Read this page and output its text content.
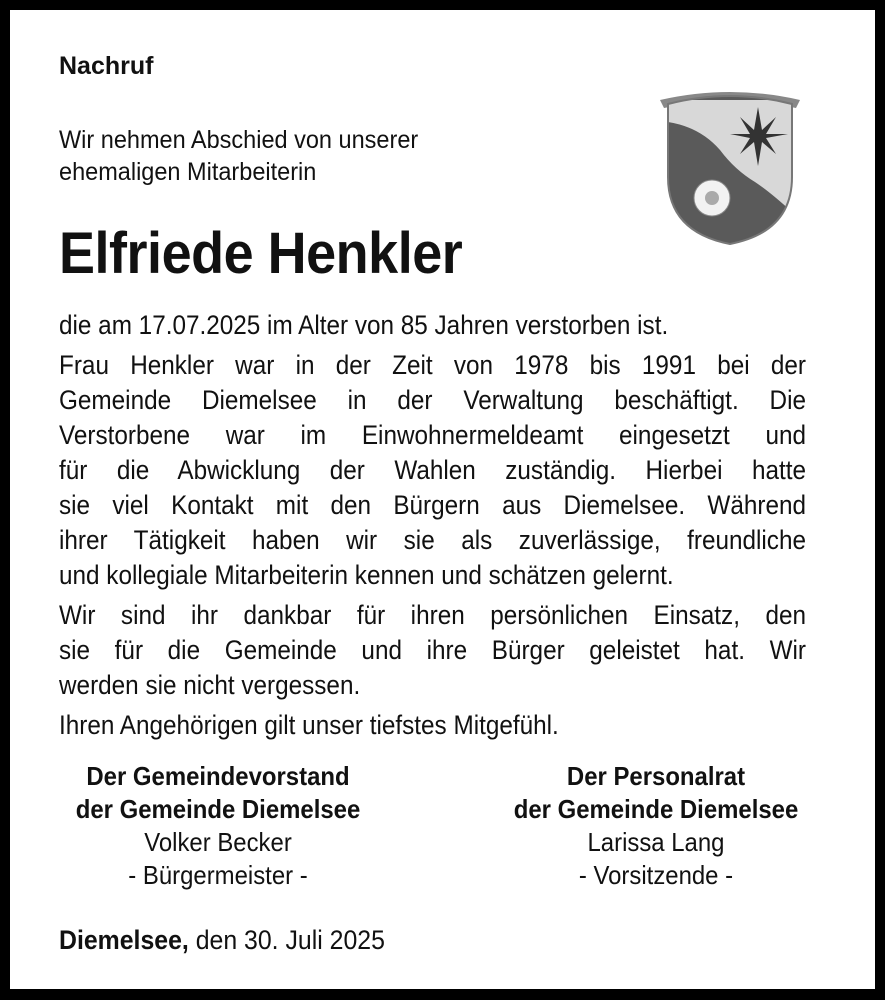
Nachruf
Wir nehmen Abschied von unserer
ehemaligen Mitarbeiterin
Elfriede Henkler
die am 17.07.2025 im Alter von 85 Jahren verstorben ist.
Frau Henkler war in der Zeit von 1978 bis 1991 bei der
Gemeinde Diemelsee in der Verwaltung beschäftigt. Die
Verstorbene war im Einwohnermeldeamt eingesetzt und
für die Abwicklung der Wahlen zuständig. Hierbei hatte
sie viel Kontakt mit den Bürgern aus Diemelsee. Während
ihrer Tätigkeit haben wir sie als zuverlässige, freundliche
und kollegiale Mitarbeiterin kennen und schätzen gelernt.
Wir sind ihr dankbar für ihren persönlichen Einsatz, den
sie für die Gemeinde und ihre Bürger geleistet hat. Wir
werden sie nicht vergessen.
Ihren Angehörigen gilt unser tiefstes Mitgefühl.
Der Gemeindevorstand
der Gemeinde Diemelsee
Volker Becker
- Bürgermeister -
Der Personalrat
der Gemeinde Diemelsee
Larissa Lang
- Vorsitzende -
Diemelsee, den 30. Juli 2025
